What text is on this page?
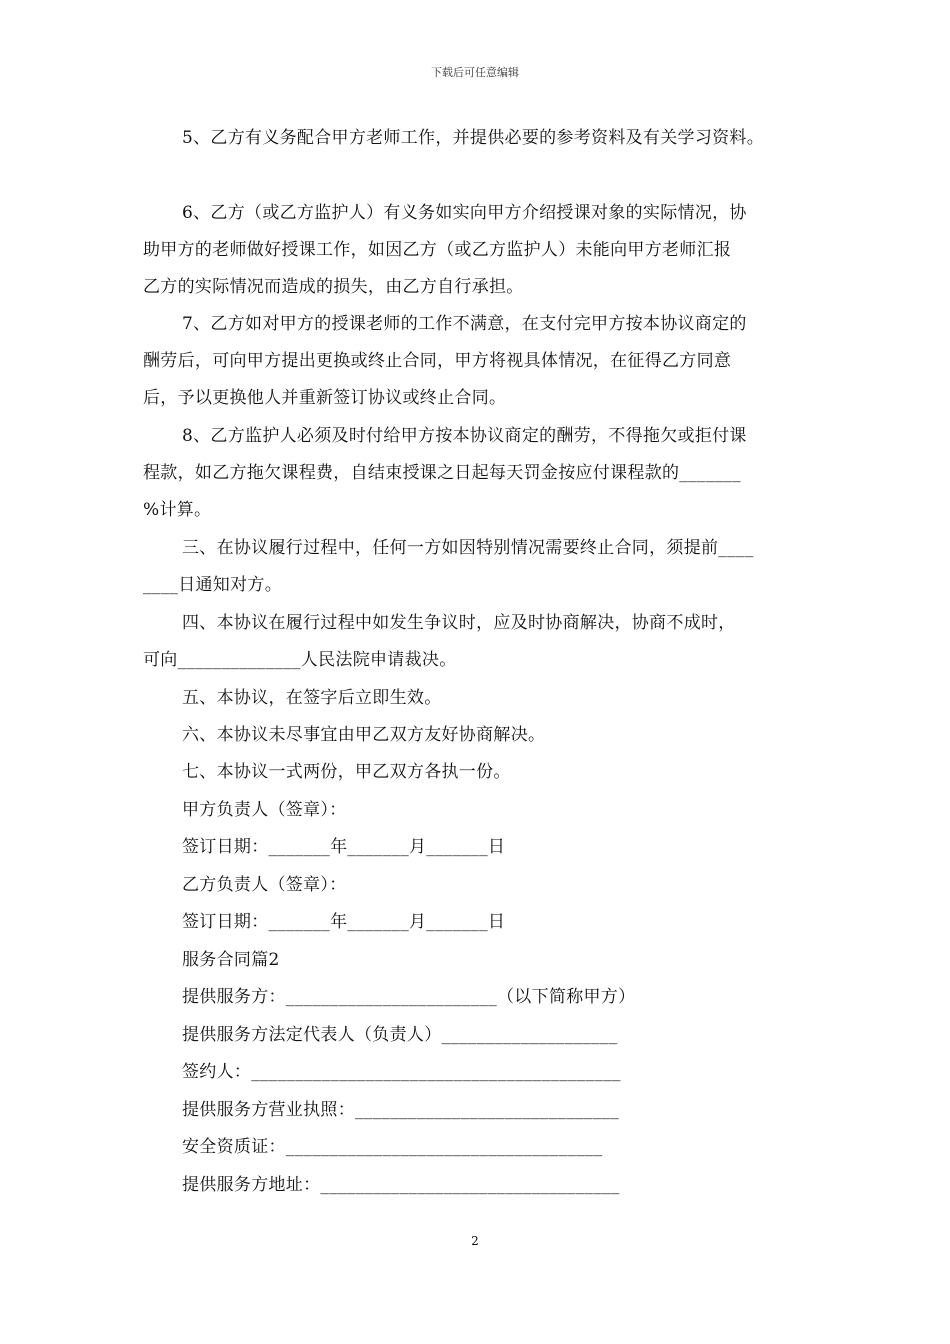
下载后可任意编辑

5、乙方有义务配合甲方老师工作，并提供必要的参考资料及有关学习资料。

6、乙方（或乙方监护人）有义务如实向甲方介绍授课对象的实际情况，协

助甲方的老师做好授课工作，如因乙方（或乙方监护人）未能向甲方老师汇报

乙方的实际情况而造成的损失，由乙方自行承担。

7、乙方如对甲方的授课老师的工作不满意，在支付完甲方按本协议商定的

酬劳后，可向甲方提出更换或终止合同，甲方将视具体情况，在征得乙方同意

后，予以更换他人并重新签订协议或终止合同。

8、乙方监护人必须及时付给甲方按本协议商定的酬劳，不得拖欠或拒付课

程款，如乙方拖欠课程费，自结束授课之日起每天罚金按应付课程款的_______

%计算。

三、在协议履行过程中，任何一方如因特别情况需要终止合同，须提前____

____日通知对方。

四、本协议在履行过程中如发生争议时，应及时协商解决，协商不成时，

可向______________人民法院申请裁决。

五、本协议，在签字后立即生效。

六、本协议未尽事宜由甲乙双方友好协商解决。

七、本协议一式两份，甲乙双方各执一份。

甲方负责人（签章）：

签订日期：_______年_______月_______日

乙方负责人（签章）：

签订日期：_______年_______月_______日

服务合同篇2

提供服务方：________________________（以下简称甲方）

提供服务方法定代表人（负责人）____________________

签约人：__________________________________________

提供服务方营业执照：______________________________

安全资质证：____________________________________

提供服务方地址：__________________________________

2
